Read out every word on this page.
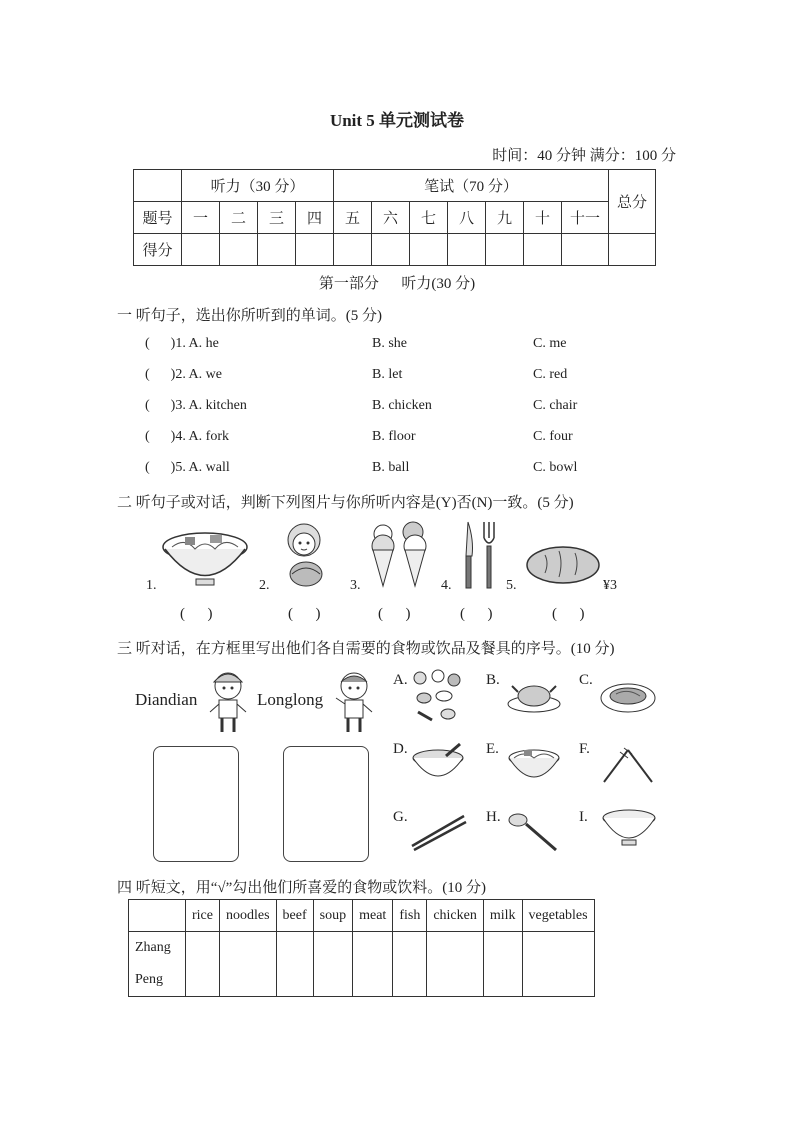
Unit 5 单元测试卷
时间：40 分钟 满分：100 分
	听力（30 分）				笔试（70 分）							总分
题号	一	二	三	四	五	六	七	八	九	十	十一	
得分												
第一部分      听力(30 分)
一 听句子，选出你所听到的单词。(5 分)
(      )1. A. he	B. she	C. me
(      )2. A. we	B. let	C. red
(      )3. A. kitchen	B. chicken	C. chair
(      )4. A. fork	B. floor	C. four
(      )5. A. wall	B. ball	C. bowl
二 听句子或对话，判断下列图片与你所听内容是(Y)否(N)一致。(5 分)
1.	2.	3.	4.	5.	¥3
(      )	(      )	(      )	(      )	(      )
三 听对话，在方框里写出他们各自需要的食物或饮品及餐具的序号。(10 分)
Diandian	Longlong
A.	B.	C.
D.	E.	F.
G.	H.	I.
四 听短文，用“√”勾出他们所喜爱的食物或饮料。(10 分)
	rice	noodles	beef	soup	meat	fish	chicken	milk	vegetables
Zhang
Peng									
